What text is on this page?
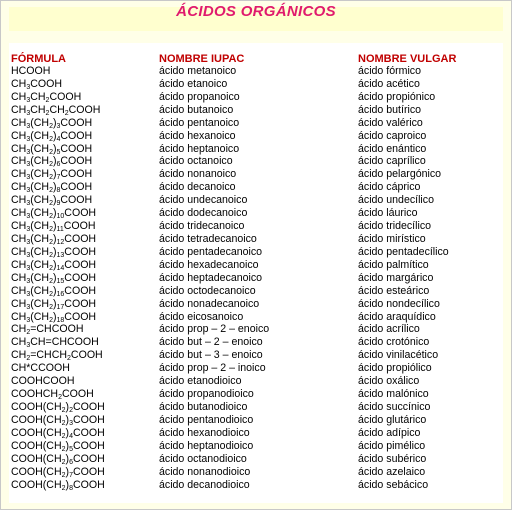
ÁCIDOS ORGÁNICOS
FÓRMULA
HCOOH
$CH_3COOH$
$CH_3CH_2COOH$
$CH_3CH_2CH_2COOH$
$CH_3(CH_2)_3COOH$
$CH_3(CH_2)_4COOH$
$CH_3(CH_2)_5COOH$
$CH_3(CH_2)_6COOH$
$CH_3(CH_2)_7COOH$
$CH_3(CH_2)_8COOH$
$CH_3(CH_2)_9COOH$
$CH_3(CH_2)_{10}COOH$
$CH_3(CH_2)_{11}COOH$
$CH_3(CH_2)_{12}COOH$
$CH_3(CH_2)_{13}COOH$
$CH_3(CH_2)_{14}COOH$
$CH_3(CH_2)_{15}COOH$
$CH_3(CH_2)_{16}COOH$
$CH_3(CH_2)_{17}COOH$
$CH_3(CH_2)_{18}COOH$
$CH_2=CHCOOH$
$CH_3CH=CHCOOH$
$CH_2=CHCH_2COOH$
CH*CCOOH
COOHCOOH
$COOHCH_2COOH$
$COOH(CH_2)_2COOH$
$COOH(CH_2)_3COOH$
$COOH(CH_2)_4COOH$
$COOH(CH_2)_5COOH$
$COOH(CH_2)_6COOH$
$COOH(CH_2)_7COOH$
$COOH(CH_2)_8COOH$
NOMBRE IUPAC
ácido metanoico
ácido etanoico
ácido propanoico
ácido butanoico
ácido pentanoico
ácido hexanoico
ácido heptanoico
ácido octanoico
ácido nonanoico
ácido decanoico
ácido undecanoico
ácido dodecanoico
ácido tridecanoico
ácido tetradecanoico
ácido pentadecanoico
ácido hexadecanoico
ácido heptadecanoico
ácido octodecanoico
ácido nonadecanoico
ácido eicosanoico
ácido prop – 2 – enoico
ácido but – 2 – enoico
ácido but – 3 – enoico
ácido prop – 2 – inoico
ácido etanodioico
ácido propanodioico
ácido butanodioico
ácido pentanodioico
ácido hexanodioico
ácido heptanodioico
ácido octanodioico
ácido nonanodioico
ácido decanodioico
NOMBRE VULGAR
ácido fórmico
ácido acético
ácido propiónico
ácido butírico
ácido valérico
ácido caproico
ácido enántico
ácido caprílico
ácido pelargónico
ácido cáprico
ácido undecílico
ácido láurico
ácido tridecílico
ácido mirístico
ácido pentadecílico
ácido palmítico
ácido margárico
ácido esteárico
ácido nondecílico
ácido araquídico
ácido acrílico
ácido crotónico
ácido vinilacético
ácido propiólico
ácido oxálico
ácido malónico
ácido succínico
ácido glutárico
ácido adípico
ácido pimélico
ácido subérico
ácido azelaico
ácido sebácico
